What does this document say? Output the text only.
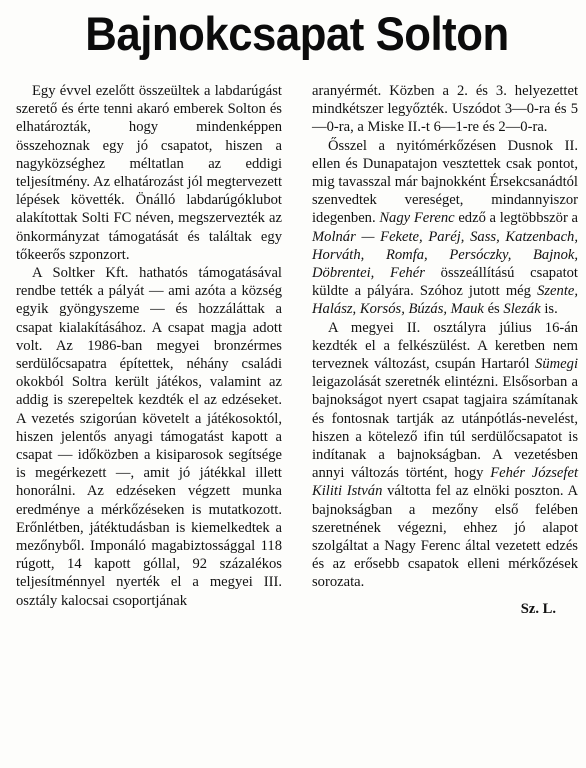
Bajnokcsapat Solton

Egy évvel ezelőtt összeültek a labdarúgást szerető és érte tenni akaró emberek Solton és elhatározták, hogy mindenképpen összehoznak egy jó csapatot, hiszen a nagyközséghez méltatlan az eddigi teljesítmény. Az elhatározást jól megtervezett lépések követték. Önálló labdarúgóklubot alakítottak Solti FC néven, megszervezték az önkormányzat támogatását és találtak egy tőkeerős szponzort.

A Soltker Kft. hathatós támogatásával rendbe tették a pályát — ami azóta a község egyik gyöngyszeme — és hozzáláttak a csapat kialakításához. A csapat magja adott volt. Az 1986-ban megyei bronzérmes serdülőcsapatra építettek, néhány családi okokból Soltra került játékos, valamint az addig is szerepeltek kezdték el az edzéseket. A vezetés szigorúan követelt a játékosoktól, hiszen jelentős anyagi támogatást kapott a csapat — időközben a kisiparosok segítsége is megérkezett —, amit jó játékkal illett honorálni. Az edzéseken végzett munka eredménye a mérkőzéseken is mutatkozott. Erőnlétben, játéktudásban is kiemelkedtek a mezőnyből. Imponáló magabiztossággal 118 rúgott, 14 kapott góllal, 92 százalékos teljesítménnyel nyerték el a megyei III. osztály kalocsai csoportjának

aranyérmét. Közben a 2. és 3. helyezettet mindkétszer legyőzték. Uszódot 3—0-ra és 5—0-ra, a Miske II.-t 6—1-re és 2—0-ra.

Ősszel a nyitómérkőzésen Dusnok II. ellen és Dunapatajon vesztettek csak pontot, mig tavasszal már bajnokként Érsekcsanádtól szenvedtek vereséget, mindannyiszor idegenben. Nagy Ferenc edző a legtöbbször a Molnár — Fekete, Paréj, Sass, Katzenbach, Horváth, Romfa, Persóczky, Bajnok, Döbrentei, Fehér összeállítású csapatot küldte a pályára. Szóhoz jutott még Szente, Halász, Korsós, Búzás, Mauk és Slezák is.

A megyei II. osztályra július 16-án kezdték el a felkészülést. A keretben nem terveznek változást, csupán Hartaról Sümegi leigazolását szeretnék elintézni. Elsősorban a bajnokságot nyert csapat tagjaira számítanak és fontosnak tartják az utánpótlás-nevelést, hiszen a kötelező ifin túl serdülőcsapatot is indítanak a bajnokságban. A vezetésben annyi változás történt, hogy Fehér Józsefet Kiliti István váltotta fel az elnöki poszton. A bajnokságban a mezőny első felében szeretnének végezni, ehhez jó alapot szolgáltat a Nagy Ferenc által vezetett edzés és az erősebb csapatok elleni mérkőzések sorozata.

Sz. L.
